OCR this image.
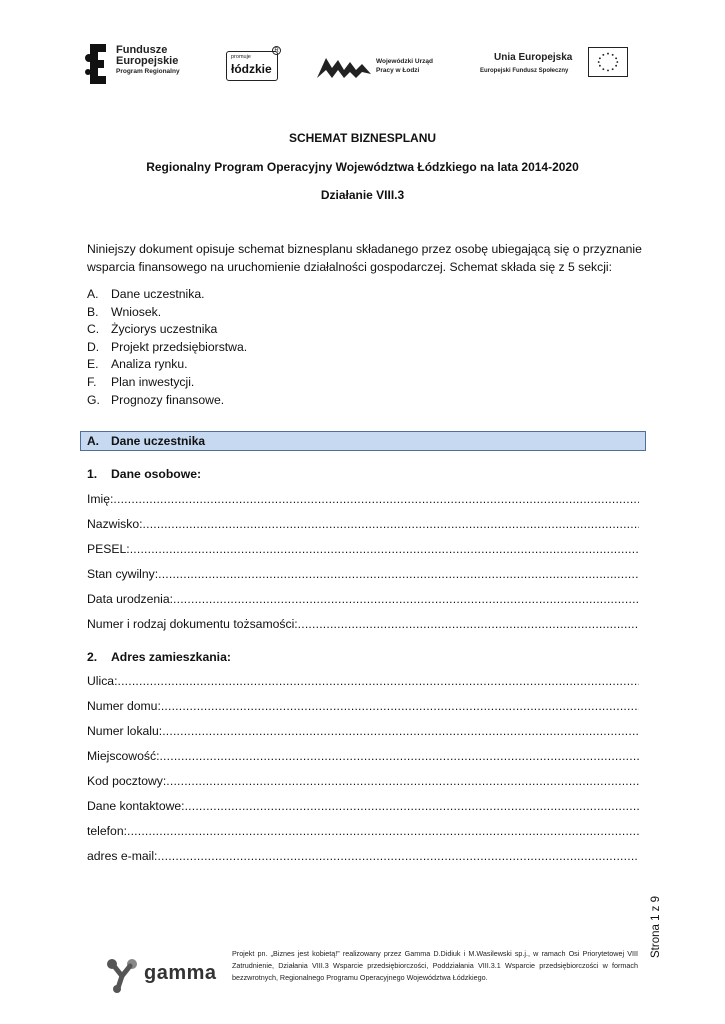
Fundusze
Europejskie
Program Regionalny
promuje
łódzkie
R
Wojewódzki Urząd
Pracy w Łodzi
Unia Europejska
Europejski Fundusz Społeczny
SCHEMAT BIZNESPLANU
Regionalny Program Operacyjny Województwa Łódzkiego na lata 2014-2020
Działanie VIII.3
Niniejszy dokument opisuje schemat biznesplanu składanego przez osobę ubiegającą się o przyznanie wsparcia finansowego na uruchomienie działalności gospodarczej. Schemat składa się z 5 sekcji:
A.	Dane uczestnika.
B.	Wniosek.
C. Życiorys uczestnika
D. Projekt przedsiębiorstwa.
E.	Analiza rynku.
F.	Plan inwestycji.
G. Prognozy finansowe.
A.	Dane uczestnika
1.	Dane osobowe:
Imię:
.....
Nazwisko:
.....
PESEL:
.....
Stan cywilny:
.....
Data urodzenia:
.....
Numer i rodzaj dokumentu tożsamości:
.....
2.	Adres zamieszkania:
Ulica:
.....
Numer domu:
.....
Numer lokalu:
.....
Miejscowość:
.....
Kod pocztowy:
.....
Dane kontaktowe:
.....
telefon:
.....
adres e-mail:
.....
Strona 1 z 9
gamma
Projekt pn. „Biznes jest kobietą!” realizowany przez Gamma D.Didiuk i M.Wasilewski sp.j., w ramach Osi Priorytetowej VIII Zatrudnienie, Działania VIII.3 Wsparcie przedsiębiorczości, Poddziałania VIII.3.1 Wsparcie przedsiębiorczości w formach bezzwrotnych, Regionalnego Programu Operacyjnego Województwa Łódzkiego.
